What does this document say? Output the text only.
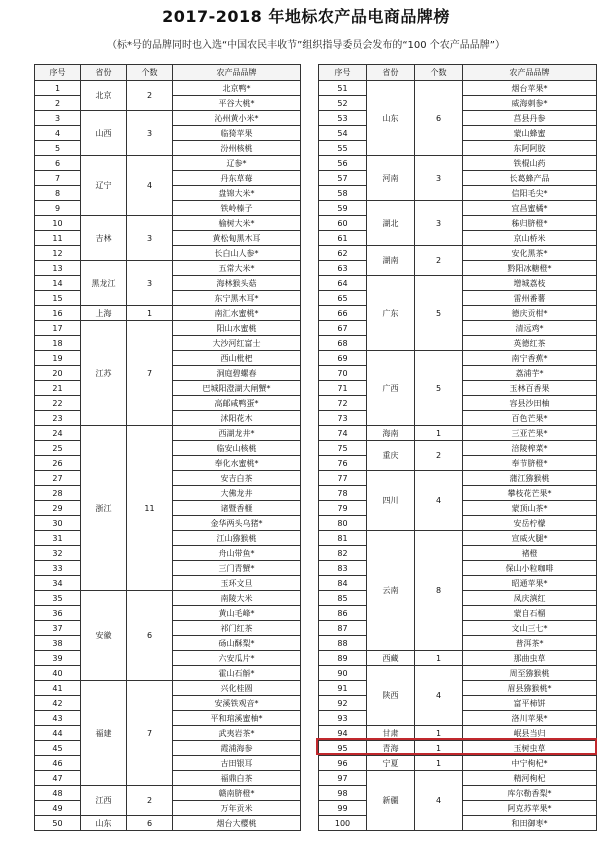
2017-2018 年地标农产品电商品牌榜
（标*号的品牌同时也入选“中国农民丰收节”组织指导委员会发布的“100 个农产品品牌”）
序号	省份	个数	农产品品牌
1	北京	2	北京鸭*
2			平谷大桃*
3	山西	3	沁州黄小米*
4			临猗苹果
5			汾州核桃
6	辽宁	4	辽参*
7			丹东草莓
8			盘锦大米*
9			铁岭榛子
10	吉林	3	榆树大米*
11			黄松甸黑木耳
12			长白山人参*
13	黑龙江	3	五常大米*
14			海林猴头菇
15			东宁黑木耳*
16	上海	1	南汇水蜜桃*
17	江苏	7	阳山水蜜桃
18			大沙河红富士
19			西山枇杷
20			洞庭碧螺春
21			巴城阳澄湖大闸蟹*
22			高邮咸鸭蛋*
23			沭阳花木
24	浙江	11	西湖龙井*
25			临安山核桃
26			奉化水蜜桃*
27			安吉白茶
28			大佛龙井
29			诸暨香榧
30			金华两头乌猪*
31			江山猕猴桃
32			舟山带鱼*
33			三门青蟹*
34			玉环文旦
35	安徽	6	南陵大米
36			黄山毛峰*
37			祁门红茶
38			砀山酥梨*
39			六安瓜片*
40			霍山石斛*
41	福建	7	兴化桂圆
42			安溪铁观音*
43			平和琯溪蜜柚*
44			武夷岩茶*
45			霞浦海参
46			古田银耳
47			福鼎白茶
48	江西	2	赣南脐橙*
49			万年贡米
50	山东	6	烟台大樱桃
序号	省份	个数	农产品品牌
51	山东	6	烟台苹果*
52			威海刺参*
53			莒县丹参
54			蒙山蜂蜜
55			东阿阿胶
56	河南	3	铁棍山药
57			长葛蜂产品
58			信阳毛尖*
59	湖北	3	宜昌蜜橘*
60			秭归脐橙*
61			京山桥米
62	湖南	2	安化黑茶*
63			黔阳冰糖橙*
64	广东	5	增城荔枝
65			雷州番薯
66			德庆贡柑*
67			清远鸡*
68			英德红茶
69	广西	5	南宁香蕉*
70			荔浦芋*
71			玉林百香果
72			容县沙田柚
73			百色芒果*
74	海南	1	三亚芒果*
75	重庆	2	涪陵榨菜*
76			奉节脐橙*
77	四川	4	蒲江猕猴桃
78			攀枝花芒果*
79			蒙顶山茶*
80			安岳柠檬
81	云南	8	宣威火腿*
82			褚橙
83			保山小粒咖啡
84			昭通苹果*
85			凤庆滇红
86			蒙自石榴
87			文山三七*
88			普洱茶*
89	西藏	1	那曲虫草
90	陕西	4	周至猕猴桃
91			眉县猕猴桃*
92			富平柿饼
93			洛川苹果*
94	甘肃	1	岷县当归
95	青海	1	玉树虫草
96	宁夏	1	中宁枸杞*
97	新疆	4	精河枸杞
98			库尔勒香梨*
99			阿克苏苹果*
100			和田御枣*
